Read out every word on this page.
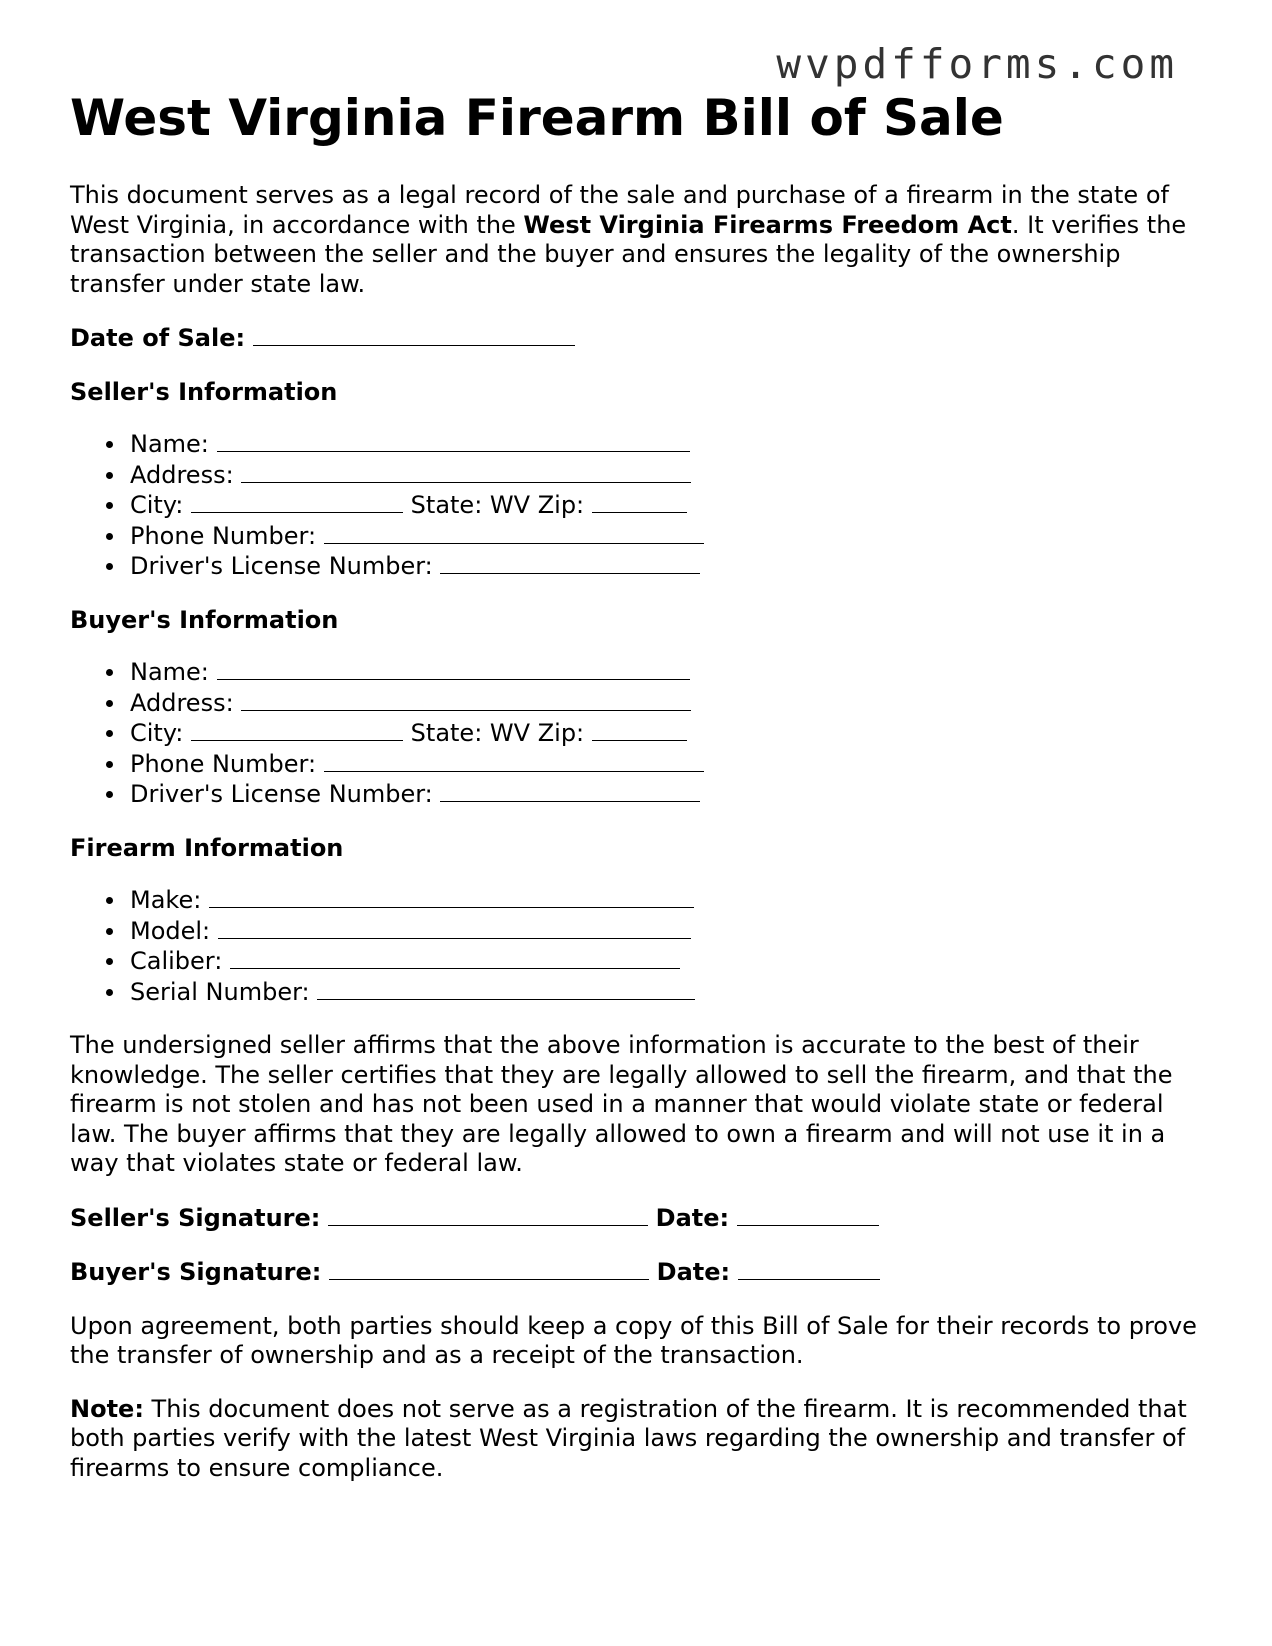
wvpdfforms.com
West Virginia Firearm Bill of Sale

This document serves as a legal record of the sale and purchase of a firearm in the state of West Virginia, in accordance with the West Virginia Firearms Freedom Act. It verifies the transaction between the seller and the buyer and ensures the legality of the ownership transfer under state law.

Date of Sale:
Seller's Information
Name:
Address:
City:	State: WV Zip:
Phone Number:
Driver's License Number:
Buyer's Information
Name:
Address:
City:	State: WV Zip:
Phone Number:
Driver's License Number:
Firearm Information
Make:
Model:
Caliber:
Serial Number:

The undersigned seller affirms that the above information is accurate to the best of their knowledge. The seller certifies that they are legally allowed to sell the firearm, and that the firearm is not stolen and has not been used in a manner that would violate state or federal law. The buyer affirms that they are legally allowed to own a firearm and will not use it in a way that violates state or federal law.

Seller's Signature:	Date:
Buyer's Signature:	Date:

Upon agreement, both parties should keep a copy of this Bill of Sale for their records to prove the transfer of ownership and as a receipt of the transaction.

Note: This document does not serve as a registration of the firearm. It is recommended that both parties verify with the latest West Virginia laws regarding the ownership and transfer of firearms to ensure compliance.
